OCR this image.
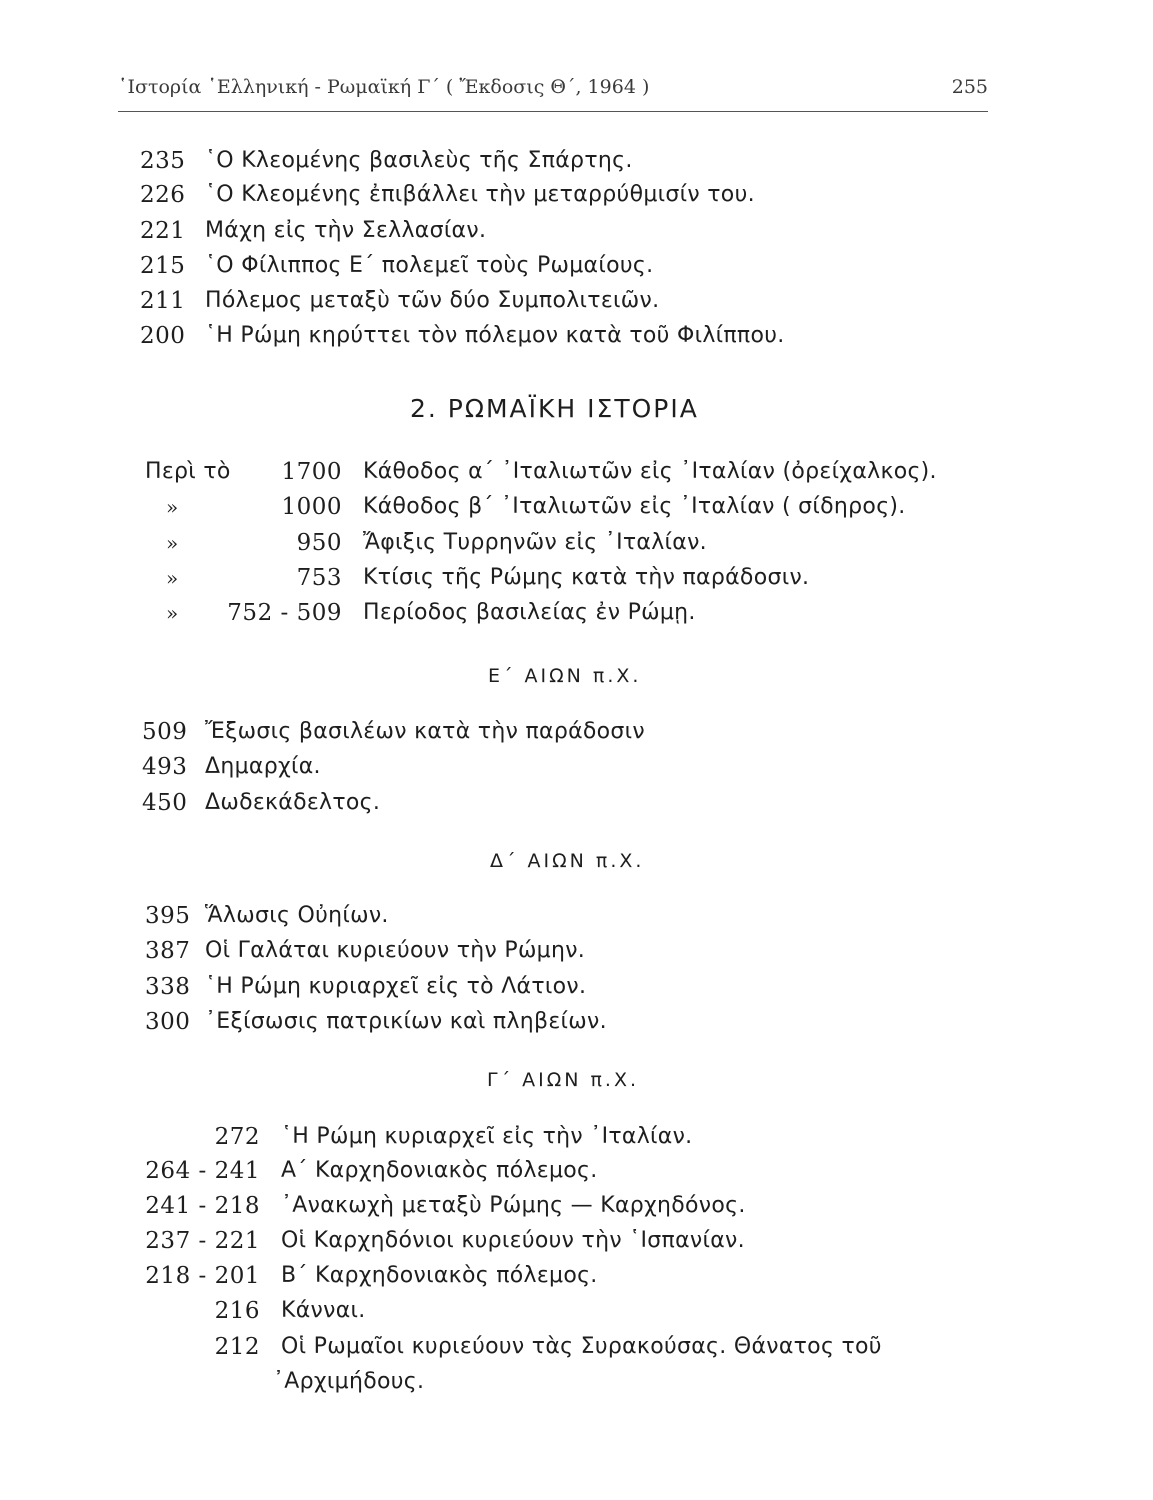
῾Ιστορία ῾Ελληνική - Ρωμαϊκή Γ΄ ( Ἔκδοσις Θ΄, 1964 )	255
235 ῾Ο Κλεομένης βασιλεὺς τῆς Σπάρτης.
226 ῾Ο Κλεομένης ἐπιβάλλει τὴν μεταρρύθμισίν του.
221 Μάχη εἰς τὴν Σελλασίαν.
215 ῾Ο Φίλιππος Ε΄ πολεμεῖ τοὺς Ρωμαίους.
211 Πόλεμος μεταξὺ τῶν δύο Συμπολιτειῶν.
200 ῾Η Ρώμη κηρύττει τὸν πόλεμον κατὰ τοῦ Φιλίππου.
2. ΡΩΜΑΪΚΗ ΙΣΤΟΡΙΑ
Περὶ τὸ	1700 Κάθοδος α΄ ᾿Ιταλιωτῶν εἰς ᾿Ιταλίαν (ὀρείχαλκος).
»	1000 Κάθοδος β΄ ᾿Ιταλιωτῶν εἰς ᾿Ιταλίαν ( σίδηρος).
»	950 Ἄφιξις Τυρρηνῶν εἰς ᾿Ιταλίαν.
»	753 Κτίσις τῆς Ρώμης κατὰ τὴν παράδοσιν.
»	752 - 509 Περίοδος βασιλείας ἐν Ρώμῃ.
Ε΄ ΑΙΩΝ π.Χ.
509 Ἔξωσις βασιλέων κατὰ τὴν παράδοσιν
493 Δημαρχία.
450 Δωδεκάδελτος.
Δ΄ ΑΙΩΝ π.Χ.
395 Ἅλωσις Οὐηίων.
387 Οἱ Γαλάται κυριεύουν τὴν Ρώμην.
338 ῾Η Ρώμη κυριαρχεῖ εἰς τὸ Λάτιον.
300 ᾿Εξίσωσις πατρικίων καὶ πληβείων.
Γ΄ ΑΙΩΝ π.Χ.
272 ῾Η Ρώμη κυριαρχεῖ εἰς τὴν ᾿Ιταλίαν.
264 - 241 Α΄ Καρχηδονιακὸς πόλεμος.
241 - 218 ᾿Ανακωχὴ μεταξὺ Ρώμης — Καρχηδόνος.
237 - 221 Οἱ Καρχηδόνιοι κυριεύουν τὴν ῾Ισπανίαν.
218 - 201 Β΄ Καρχηδονιακὸς πόλεμος.
216 Κάνναι.
212 Οἱ Ρωμαῖοι κυριεύουν τὰς Συρακούσας. Θάνατος τοῦ
᾿Αρχιμήδους.
